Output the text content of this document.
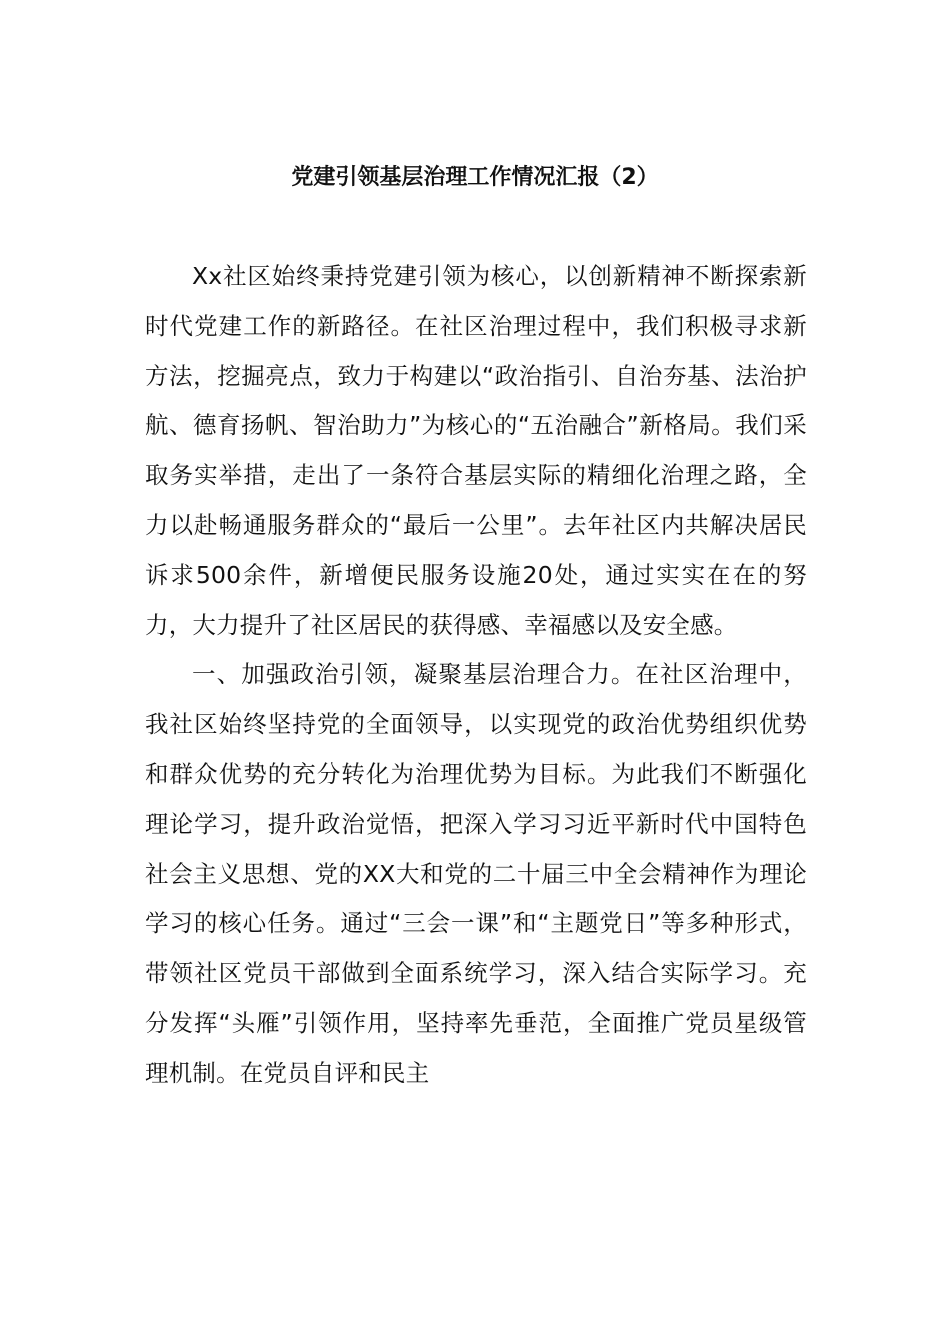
党建引领基层治理工作情况汇报（2）

Xx社区始终秉持党建引领为核心，以创新精神不断探索新时代党建工作的新路径。在社区治理过程中，我们积极寻求新方法，挖掘亮点，致力于构建以“政治指引、自治夯基、法治护航、德育扬帆、智治助力”为核心的“五治融合”新格局。我们采取务实举措，走出了一条符合基层实际的精细化治理之路，全力以赴畅通服务群众的“最后一公里”。去年社区内共解决居民诉求500余件，新增便民服务设施20处，通过实实在在的努力，大力提升了社区居民的获得感、幸福感以及安全感。

一、加强政治引领，凝聚基层治理合力。在社区治理中，我社区始终坚持党的全面领导，以实现党的政治优势组织优势和群众优势的充分转化为治理优势为目标。为此我们不断强化理论学习，提升政治觉悟，把深入学习习近平新时代中国特色社会主义思想、党的XX大和党的二十届三中全会精神作为理论学习的核心任务。通过“三会一课”和“主题党日”等多种形式，带领社区党员干部做到全面系统学习，深入结合实际学习。充分发挥“头雁”引领作用，坚持率先垂范，全面推广党员星级管理机制。在党员自评和民主
